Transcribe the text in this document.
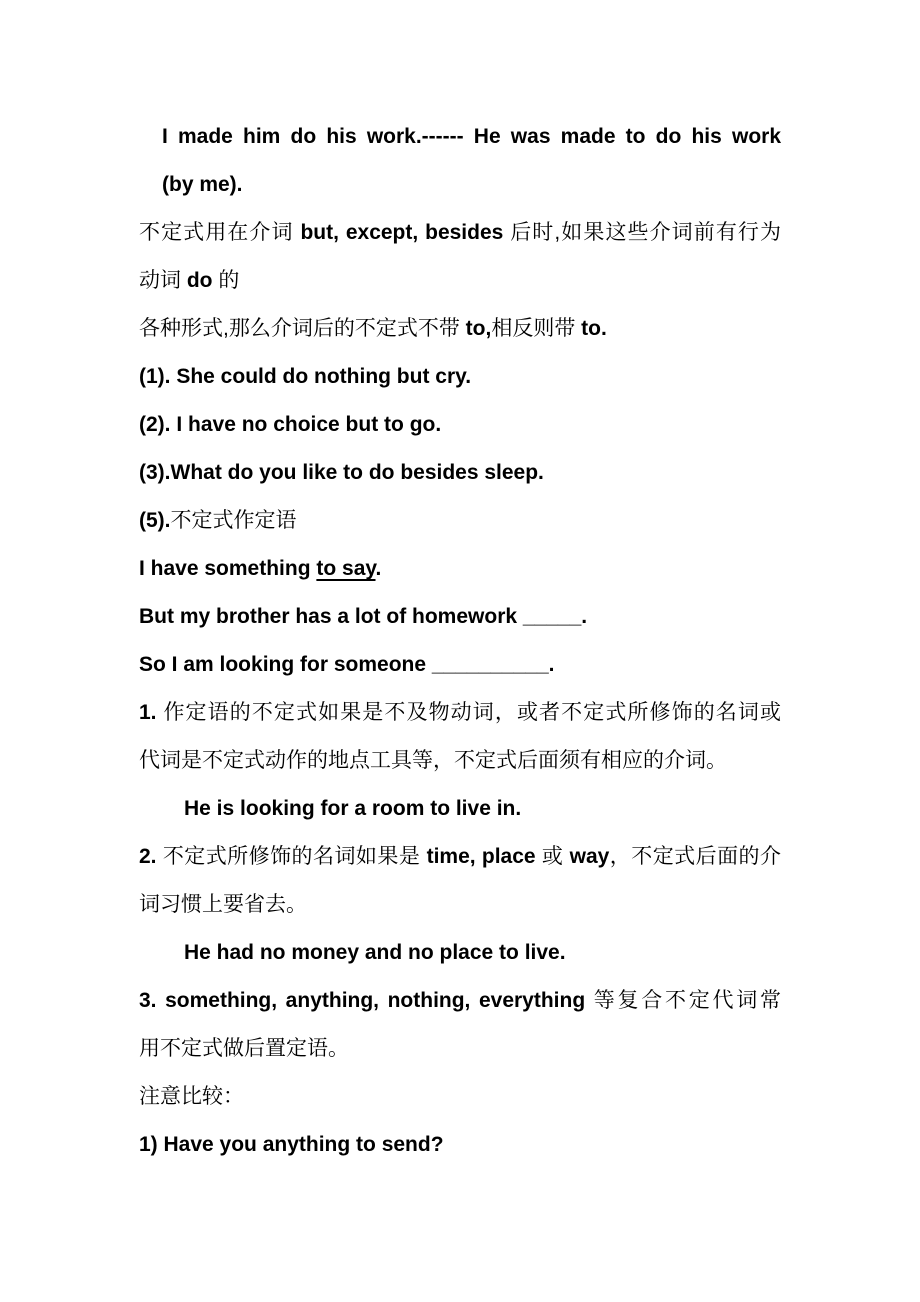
I made him do his work.------ He was made to do his work
(by me).
不定式用在介词 but, except, besides 后时,如果这些介词前有行为
动词 do 的
各种形式,那么介词后的不定式不带 to,相反则带 to.
(1). She could do nothing but cry.
(2). I have no choice but to go.
(3).What do you like to do besides sleep.
(5).不定式作定语
I have something to say.
But my brother has a lot of homework _____.
So I am looking for someone __________.
1. 作定语的不定式如果是不及物动词，或者不定式所修饰的名词或
代词是不定式动作的地点工具等，不定式后面须有相应的介词。
He is looking for a room to live in.
2. 不定式所修饰的名词如果是 time, place 或 way，不定式后面的介
词习惯上要省去。
He had no money and no place to live.
3. something, anything, nothing, everything 等复合不定代词常
用不定式做后置定语。
注意比较：
1) Have you anything to send?
